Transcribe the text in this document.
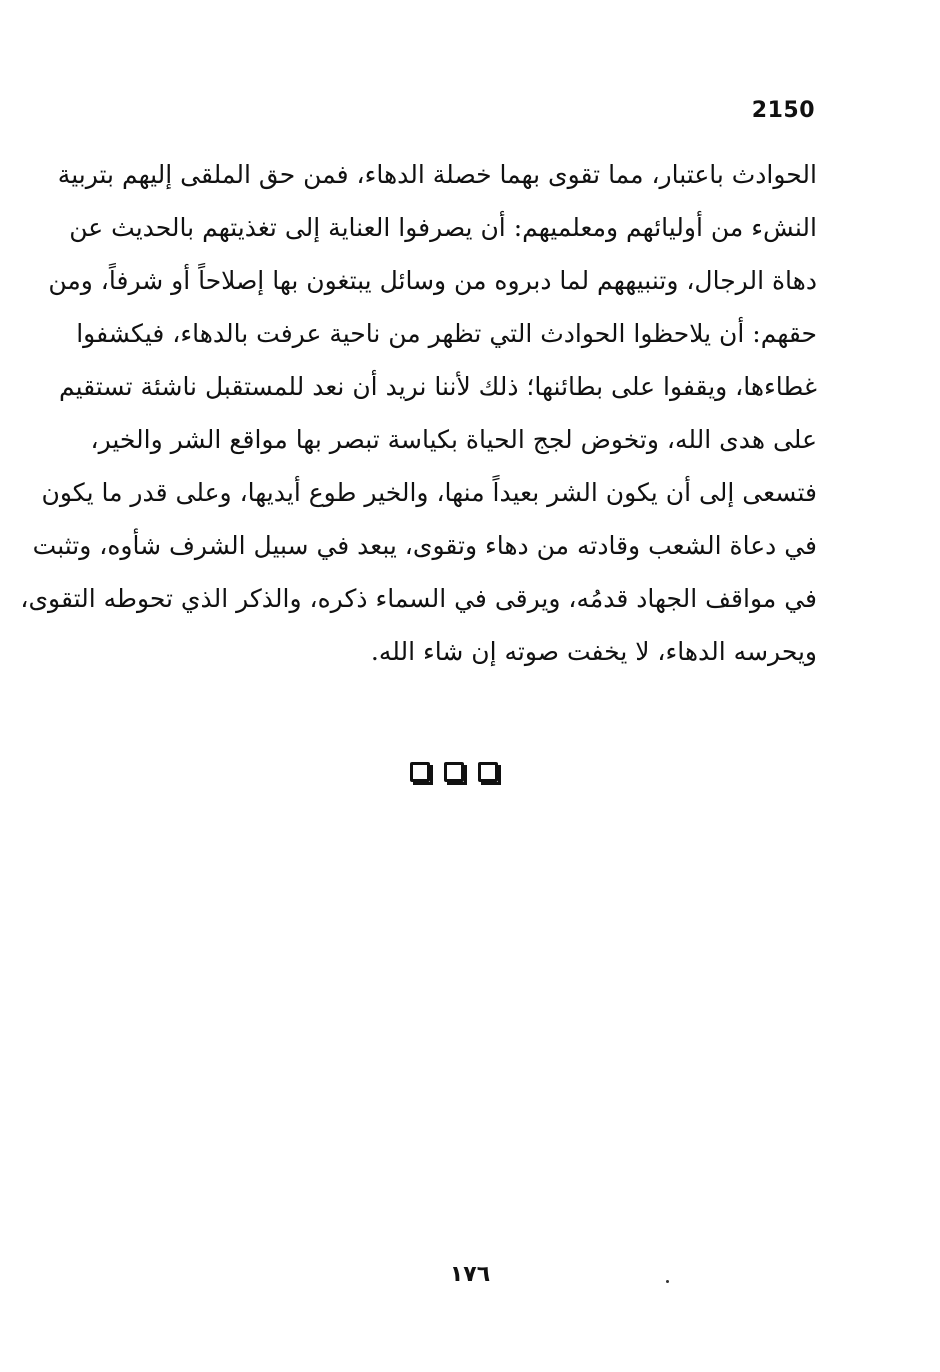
2150
الحوادث باعتبار، مما تقوى بهما خصلة الدهاء، فمن حق الملقى إليهم بتربية
النشء من أوليائهم ومعلميهم: أن يصرفوا العناية إلى تغذيتهم بالحديث عن
دهاة الرجال، وتنبيههم لما دبروه من وسائل يبتغون بها إصلاحاً أو شرفاً، ومن
حقهم: أن يلاحظوا الحوادث التي تظهر من ناحية عرفت بالدهاء، فيكشفوا
غطاءها، ويقفوا على بطائنها؛ ذلك لأننا نريد أن نعد للمستقبل ناشئة تستقيم
على هدى الله، وتخوض لجج الحياة بكياسة تبصر بها مواقع الشر والخير،
فتسعى إلى أن يكون الشر بعيداً منها، والخير طوع أيديها، وعلى قدر ما يكون
في دعاة الشعب وقادته من دهاء وتقوى، يبعد في سبيل الشرف شأوه، وتثبت
في مواقف الجهاد قدمُه، ويرقى في السماء ذكره، والذكر الذي تحوطه التقوى،
ويحرسه الدهاء، لا يخفت صوته إن شاء الله.
١٧٦
